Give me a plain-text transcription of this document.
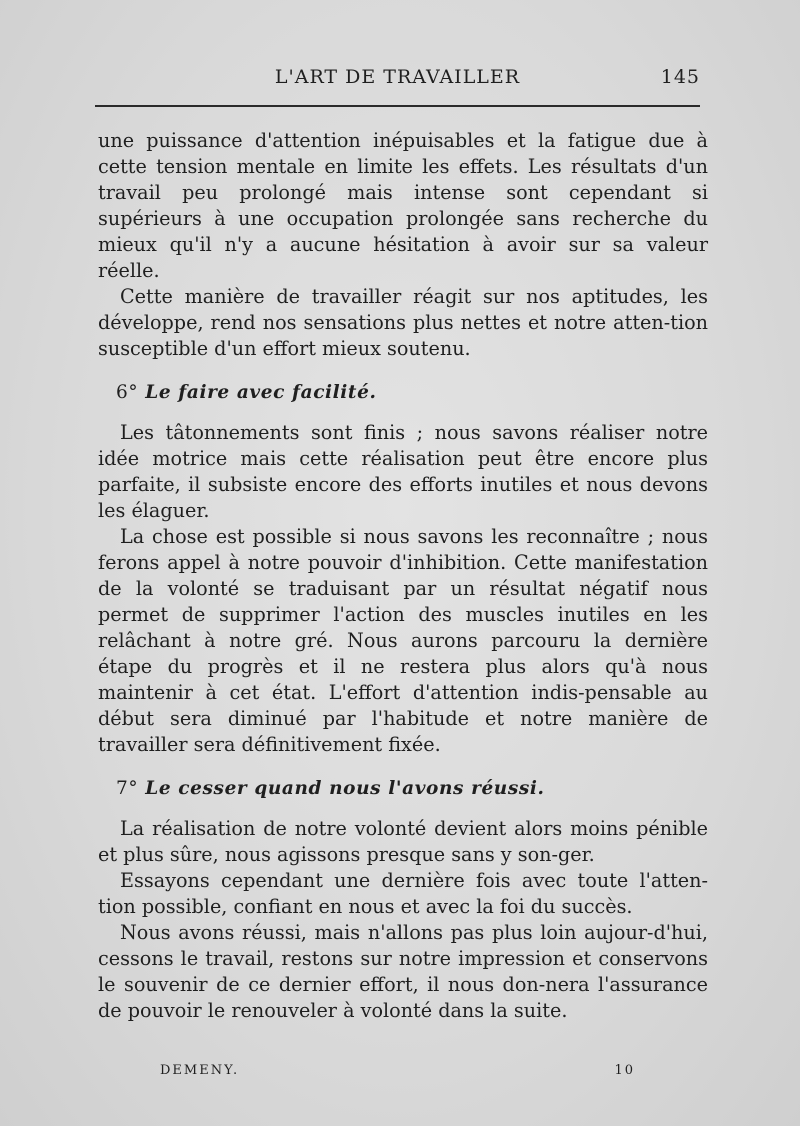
L'ART DE TRAVAILLER	145

une puissance d'attention inépuisables et la fatigue due à cette tension mentale en limite les effets. Les résultats d'un travail peu prolongé mais intense sont cependant si supérieurs à une occupation prolongée sans recherche du mieux qu'il n'y a aucune hésitation à avoir sur sa valeur réelle.

Cette manière de travailler réagit sur nos aptitudes, les développe, rend nos sensations plus nettes et notre atten-tion susceptible d'un effort mieux soutenu.

6° Le faire avec facilité.

Les tâtonnements sont finis ; nous savons réaliser notre idée motrice mais cette réalisation peut être encore plus parfaite, il subsiste encore des efforts inutiles et nous devons les élaguer.

La chose est possible si nous savons les reconnaître ; nous ferons appel à notre pouvoir d'inhibition. Cette manifestation de la volonté se traduisant par un résultat négatif nous permet de supprimer l'action des muscles inutiles en les relâchant à notre gré. Nous aurons parcouru la dernière étape du progrès et il ne restera plus alors qu'à nous maintenir à cet état. L'effort d'attention indis-pensable au début sera diminué par l'habitude et notre manière de travailler sera définitivement fixée.

7° Le cesser quand nous l'avons réussi.

La réalisation de notre volonté devient alors moins pénible et plus sûre, nous agissons presque sans y son-ger.

Essayons cependant une dernière fois avec toute l'atten-tion possible, confiant en nous et avec la foi du succès.

Nous avons réussi, mais n'allons pas plus loin aujour-d'hui, cessons le travail, restons sur notre impression et conservons le souvenir de ce dernier effort, il nous don-nera l'assurance de pouvoir le renouveler à volonté dans la suite.

DEMENY.	10
